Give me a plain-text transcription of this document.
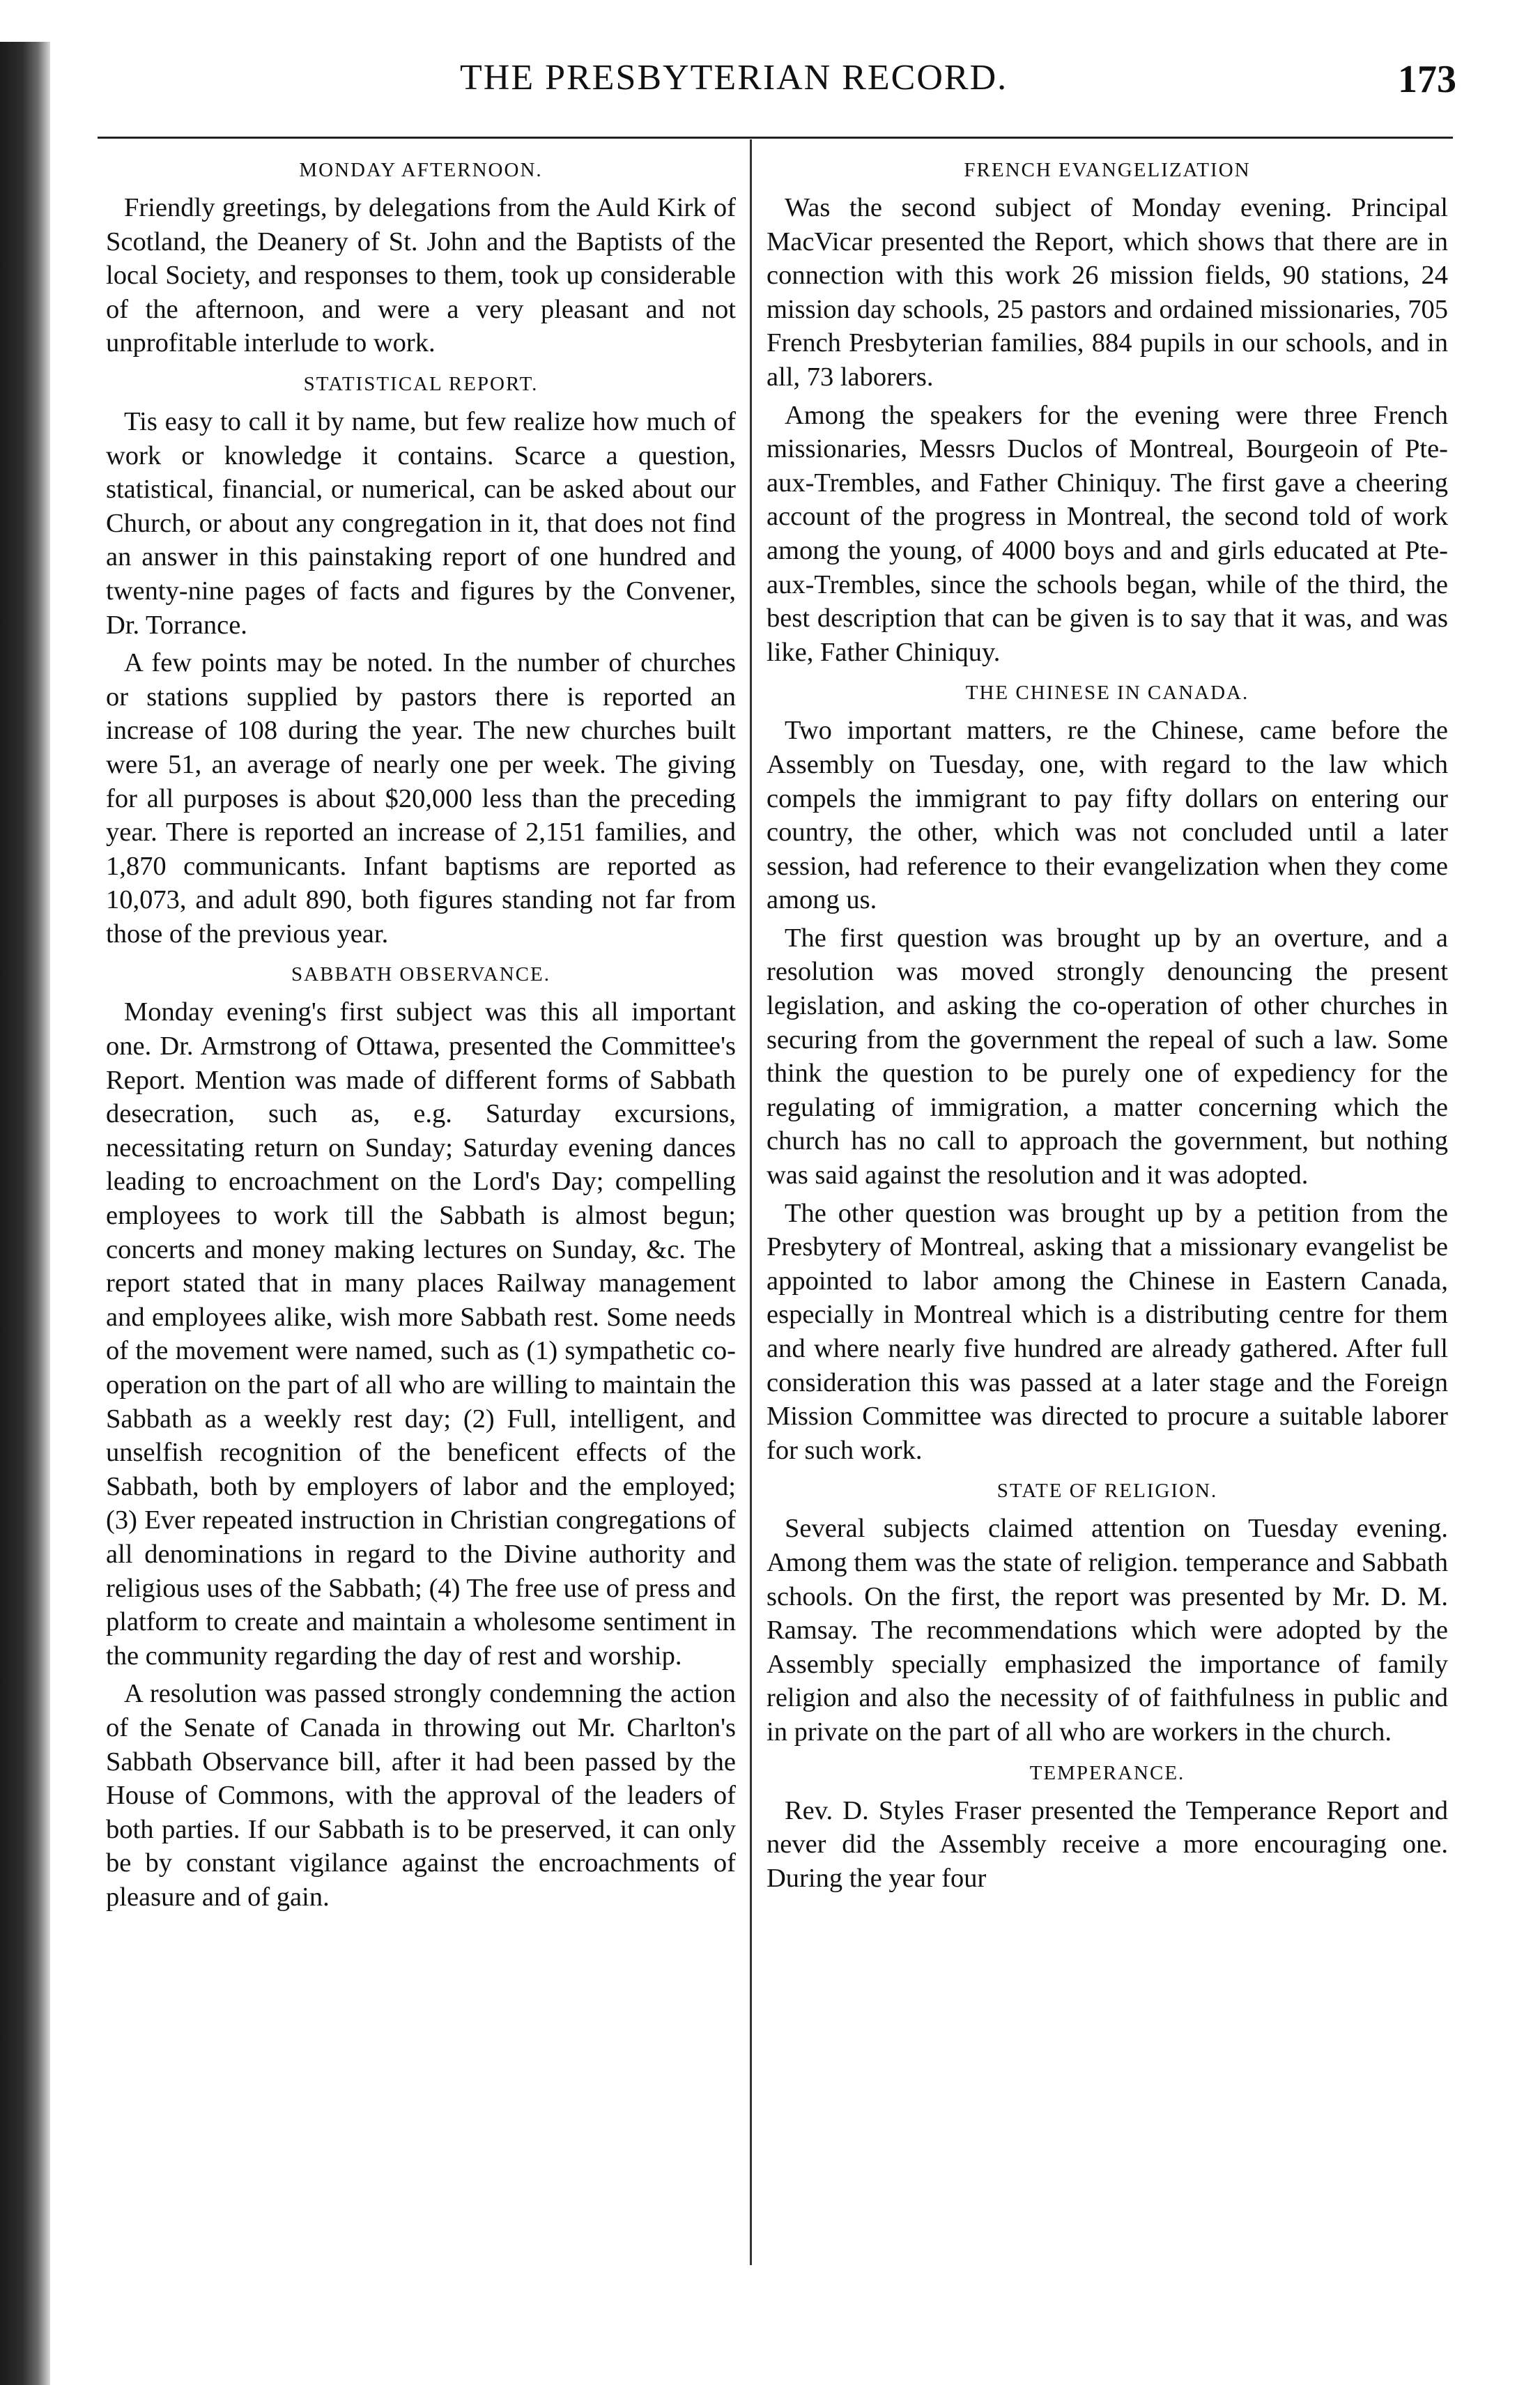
THE PRESBYTERIAN RECORD.	173
MONDAY AFTERNOON.

Friendly greetings, by delegations from the Auld Kirk of Scotland, the Deanery of St. John and the Baptists of the local Society, and responses to them, took up considerable of the afternoon, and were a very pleasant and not unprofitable interlude to work.

STATISTICAL REPORT.

Tis easy to call it by name, but few realize how much of work or knowledge it contains. Scarce a question, statistical, financial, or numerical, can be asked about our Church, or about any congregation in it, that does not find an answer in this painstaking report of one hundred and twenty-nine pages of facts and figures by the Convener, Dr. Torrance.

A few points may be noted. In the number of churches or stations supplied by pastors there is reported an increase of 108 during the year. The new churches built were 51, an average of nearly one per week. The giving for all purposes is about $20,000 less than the preceding year. There is reported an increase of 2,151 families, and 1,870 communicants. Infant baptisms are reported as 10,073, and adult 890, both figures standing not far from those of the previous year.

SABBATH OBSERVANCE.

Monday evening's first subject was this all important one. Dr. Armstrong of Ottawa, presented the Committee's Report. Mention was made of different forms of Sabbath desecration, such as, e.g. Saturday excursions, necessitating return on Sunday; Saturday evening dances leading to encroachment on the Lord's Day; compelling employees to work till the Sabbath is almost begun; concerts and money making lectures on Sunday, &c. The report stated that in many places Railway management and employees alike, wish more Sabbath rest. Some needs of the movement were named, such as (1) sympathetic co-operation on the part of all who are willing to maintain the Sabbath as a weekly rest day; (2) Full, intelligent, and unselfish recognition of the beneficent effects of the Sabbath, both by employers of labor and the employed; (3) Ever repeated instruction in Christian congregations of all denominations in regard to the Divine authority and religious uses of the Sabbath; (4) The free use of press and platform to create and maintain a wholesome sentiment in the community regarding the day of rest and worship.

A resolution was passed strongly condemning the action of the Senate of Canada in throwing out Mr. Charlton's Sabbath Observance bill, after it had been passed by the House of Commons, with the approval of the leaders of both parties. If our Sabbath is to be preserved, it can only be by constant vigilance against the encroachments of pleasure and of gain.

FRENCH EVANGELIZATION

Was the second subject of Monday evening. Principal MacVicar presented the Report, which shows that there are in connection with this work 26 mission fields, 90 stations, 24 mission day schools, 25 pastors and ordained missionaries, 705 French Presbyterian families, 884 pupils in our schools, and in all, 73 laborers.

Among the speakers for the evening were three French missionaries, Messrs Duclos of Montreal, Bourgeoin of Pte-aux-Trembles, and Father Chiniquy. The first gave a cheering account of the progress in Montreal, the second told of work among the young, of 4000 boys and and girls educated at Pte-aux-Trembles, since the schools began, while of the third, the best description that can be given is to say that it was, and was like, Father Chiniquy.

THE CHINESE IN CANADA.

Two important matters, re the Chinese, came before the Assembly on Tuesday, one, with regard to the law which compels the immigrant to pay fifty dollars on entering our country, the other, which was not concluded until a later session, had reference to their evangelization when they come among us.

The first question was brought up by an overture, and a resolution was moved strongly denouncing the present legislation, and asking the co-operation of other churches in securing from the government the repeal of such a law. Some think the question to be purely one of expediency for the regulating of immigration, a matter concerning which the church has no call to approach the government, but nothing was said against the resolution and it was adopted.

The other question was brought up by a petition from the Presbytery of Montreal, asking that a missionary evangelist be appointed to labor among the Chinese in Eastern Canada, especially in Montreal which is a distributing centre for them and where nearly five hundred are already gathered. After full consideration this was passed at a later stage and the Foreign Mission Committee was directed to procure a suitable laborer for such work.

STATE OF RELIGION.

Several subjects claimed attention on Tuesday evening. Among them was the state of religion. temperance and Sabbath schools. On the first, the report was presented by Mr. D. M. Ramsay. The recommendations which were adopted by the Assembly specially emphasized the importance of family religion and also the necessity of of faithfulness in public and in private on the part of all who are workers in the church.

TEMPERANCE.

Rev. D. Styles Fraser presented the Temperance Report and never did the Assembly receive a more encouraging one. During the year four
